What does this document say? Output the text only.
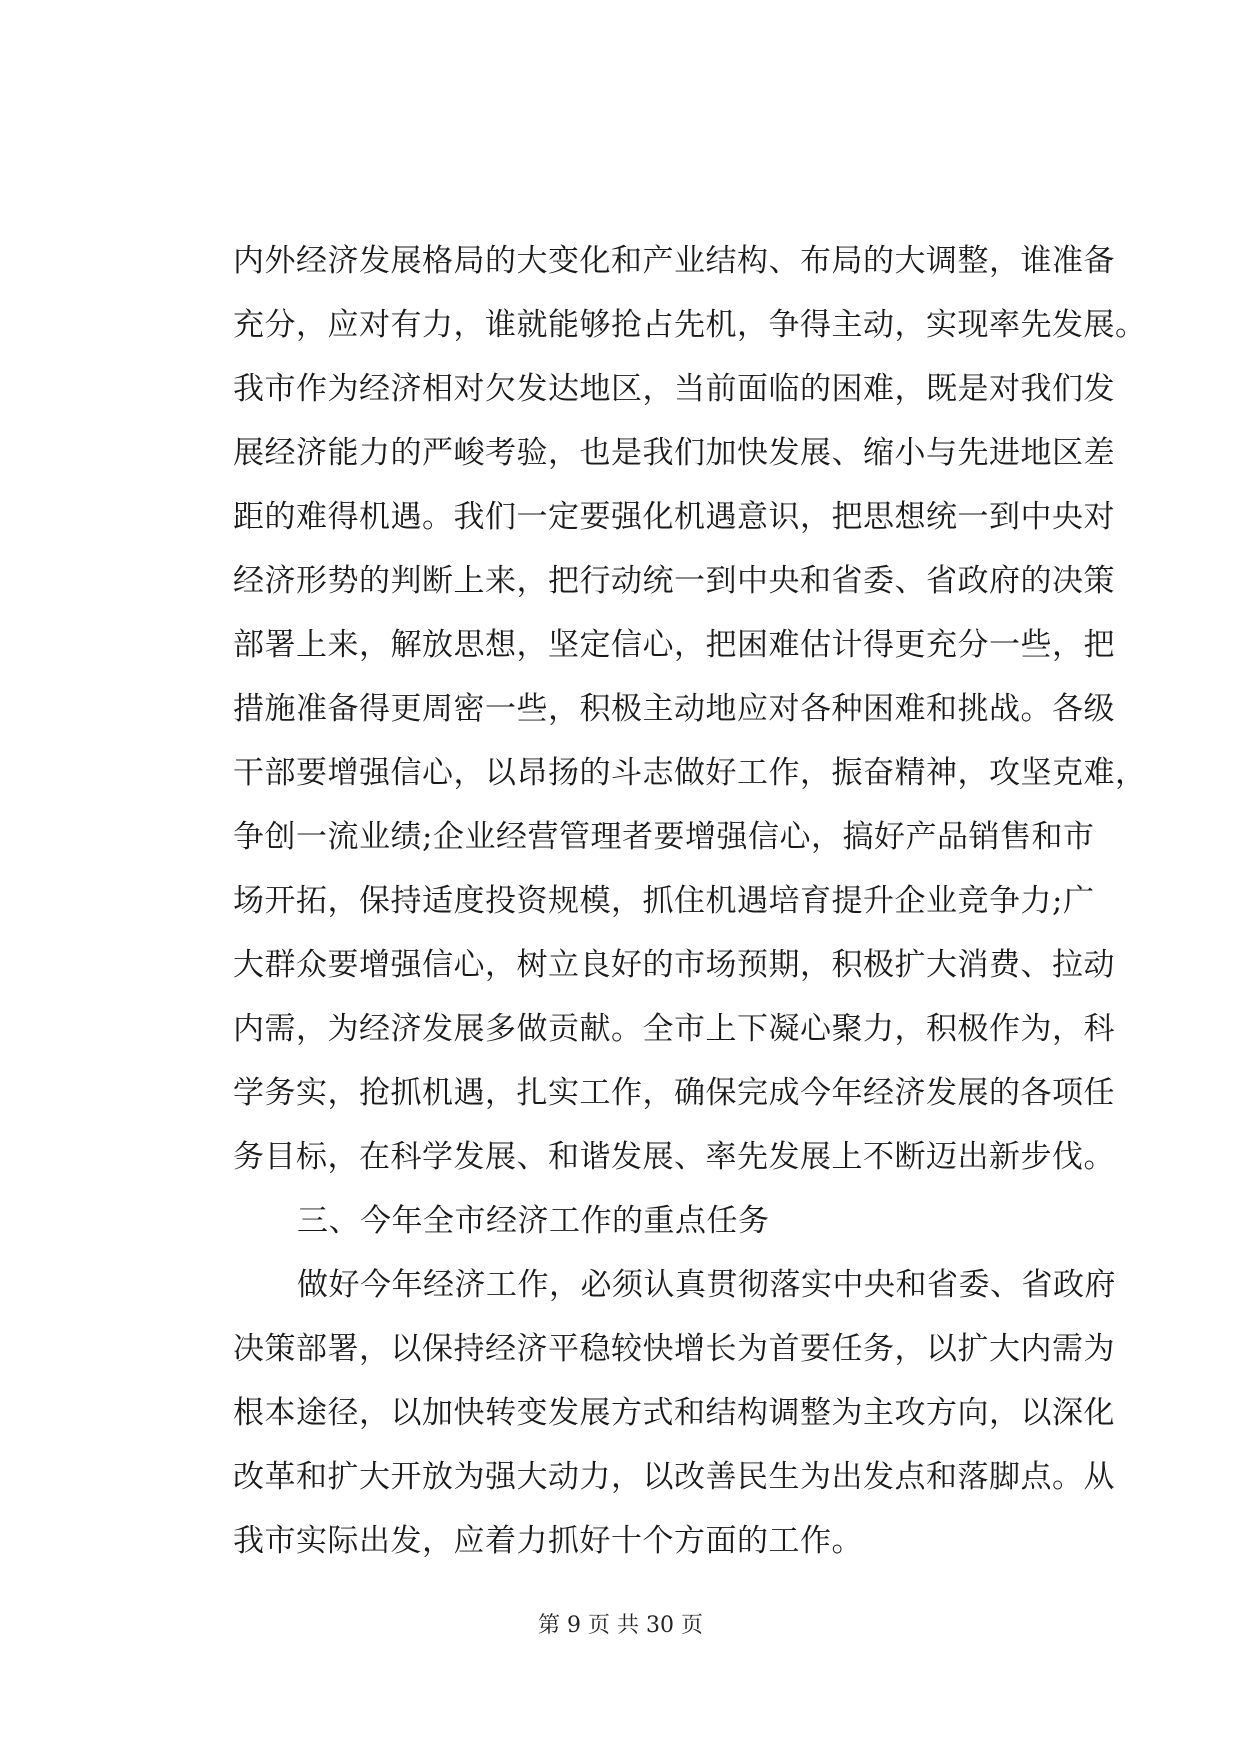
内外经济发展格局的大变化和产业结构、布局的大调整，谁准备
充分，应对有力，谁就能够抢占先机，争得主动，实现率先发展。
我市作为经济相对欠发达地区，当前面临的困难，既是对我们发
展经济能力的严峻考验，也是我们加快发展、缩小与先进地区差
距的难得机遇。我们一定要强化机遇意识，把思想统一到中央对
经济形势的判断上来，把行动统一到中央和省委、省政府的决策
部署上来，解放思想，坚定信心，把困难估计得更充分一些，把
措施准备得更周密一些，积极主动地应对各种困难和挑战。各级
干部要增强信心，以昂扬的斗志做好工作，振奋精神，攻坚克难，
争创一流业绩;企业经营管理者要增强信心，搞好产品销售和市
场开拓，保持适度投资规模，抓住机遇培育提升企业竞争力;广
大群众要增强信心，树立良好的市场预期，积极扩大消费、拉动
内需，为经济发展多做贡献。全市上下凝心聚力，积极作为，科
学务实，抢抓机遇，扎实工作，确保完成今年经济发展的各项任
务目标，在科学发展、和谐发展、率先发展上不断迈出新步伐。
三、今年全市经济工作的重点任务
做好今年经济工作，必须认真贯彻落实中央和省委、省政府
决策部署，以保持经济平稳较快增长为首要任务，以扩大内需为
根本途径，以加快转变发展方式和结构调整为主攻方向，以深化
改革和扩大开放为强大动力，以改善民生为出发点和落脚点。从
我市实际出发，应着力抓好十个方面的工作。
第 9 页 共 30 页
